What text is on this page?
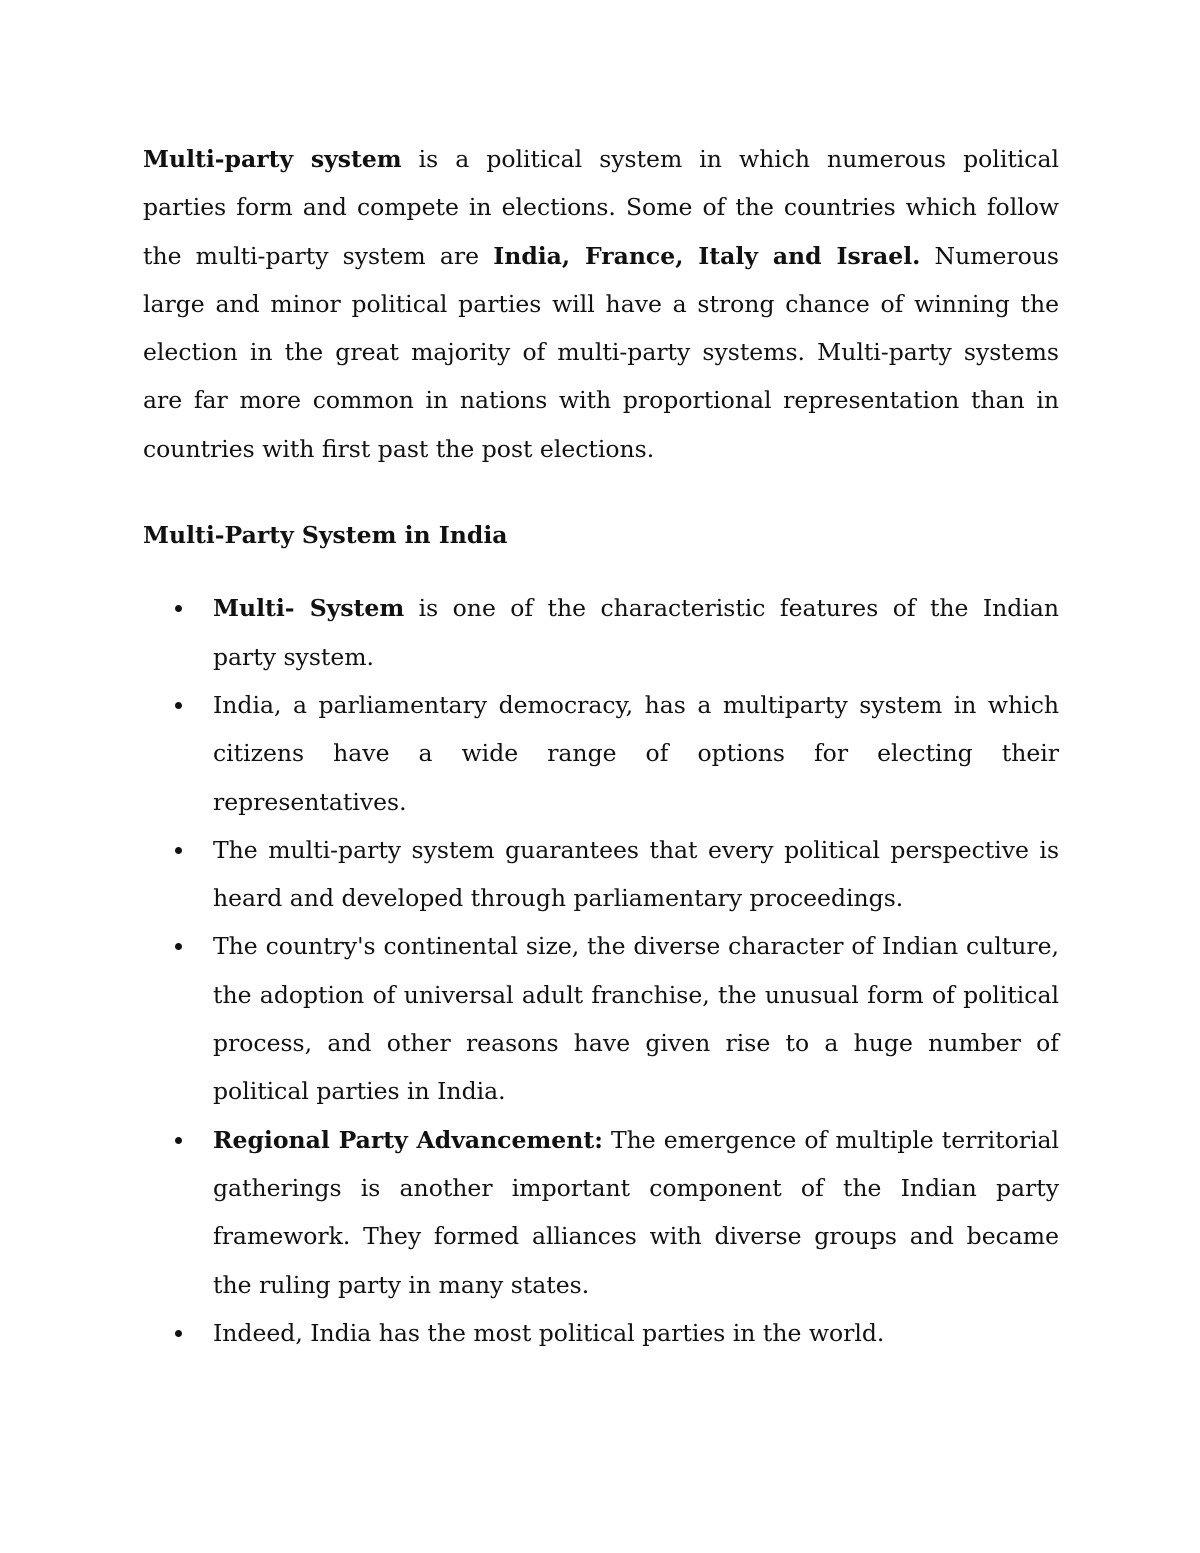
Multi-party system is a political system in which numerous political parties form and compete in elections. Some of the countries which follow the multi-party system are India, France, Italy and Israel. Numerous large and minor political parties will have a strong chance of winning the election in the great majority of multi-party systems. Multi-party systems are far more common in nations with proportional representation than in countries with first past the post elections.

Multi-Party System in India
Multi- System is one of the characteristic features of the Indian party system.
India, a parliamentary democracy, has a multiparty system in which citizens have a wide range of options for electing their representatives.
The multi-party system guarantees that every political perspective is heard and developed through parliamentary proceedings.
The country's continental size, the diverse character of Indian culture, the adoption of universal adult franchise, the unusual form of political process, and other reasons have given rise to a huge number of political parties in India.
Regional Party Advancement: The emergence of multiple territorial gatherings is another important component of the Indian party framework. They formed alliances with diverse groups and became the ruling party in many states.
Indeed, India has the most political parties in the world.
